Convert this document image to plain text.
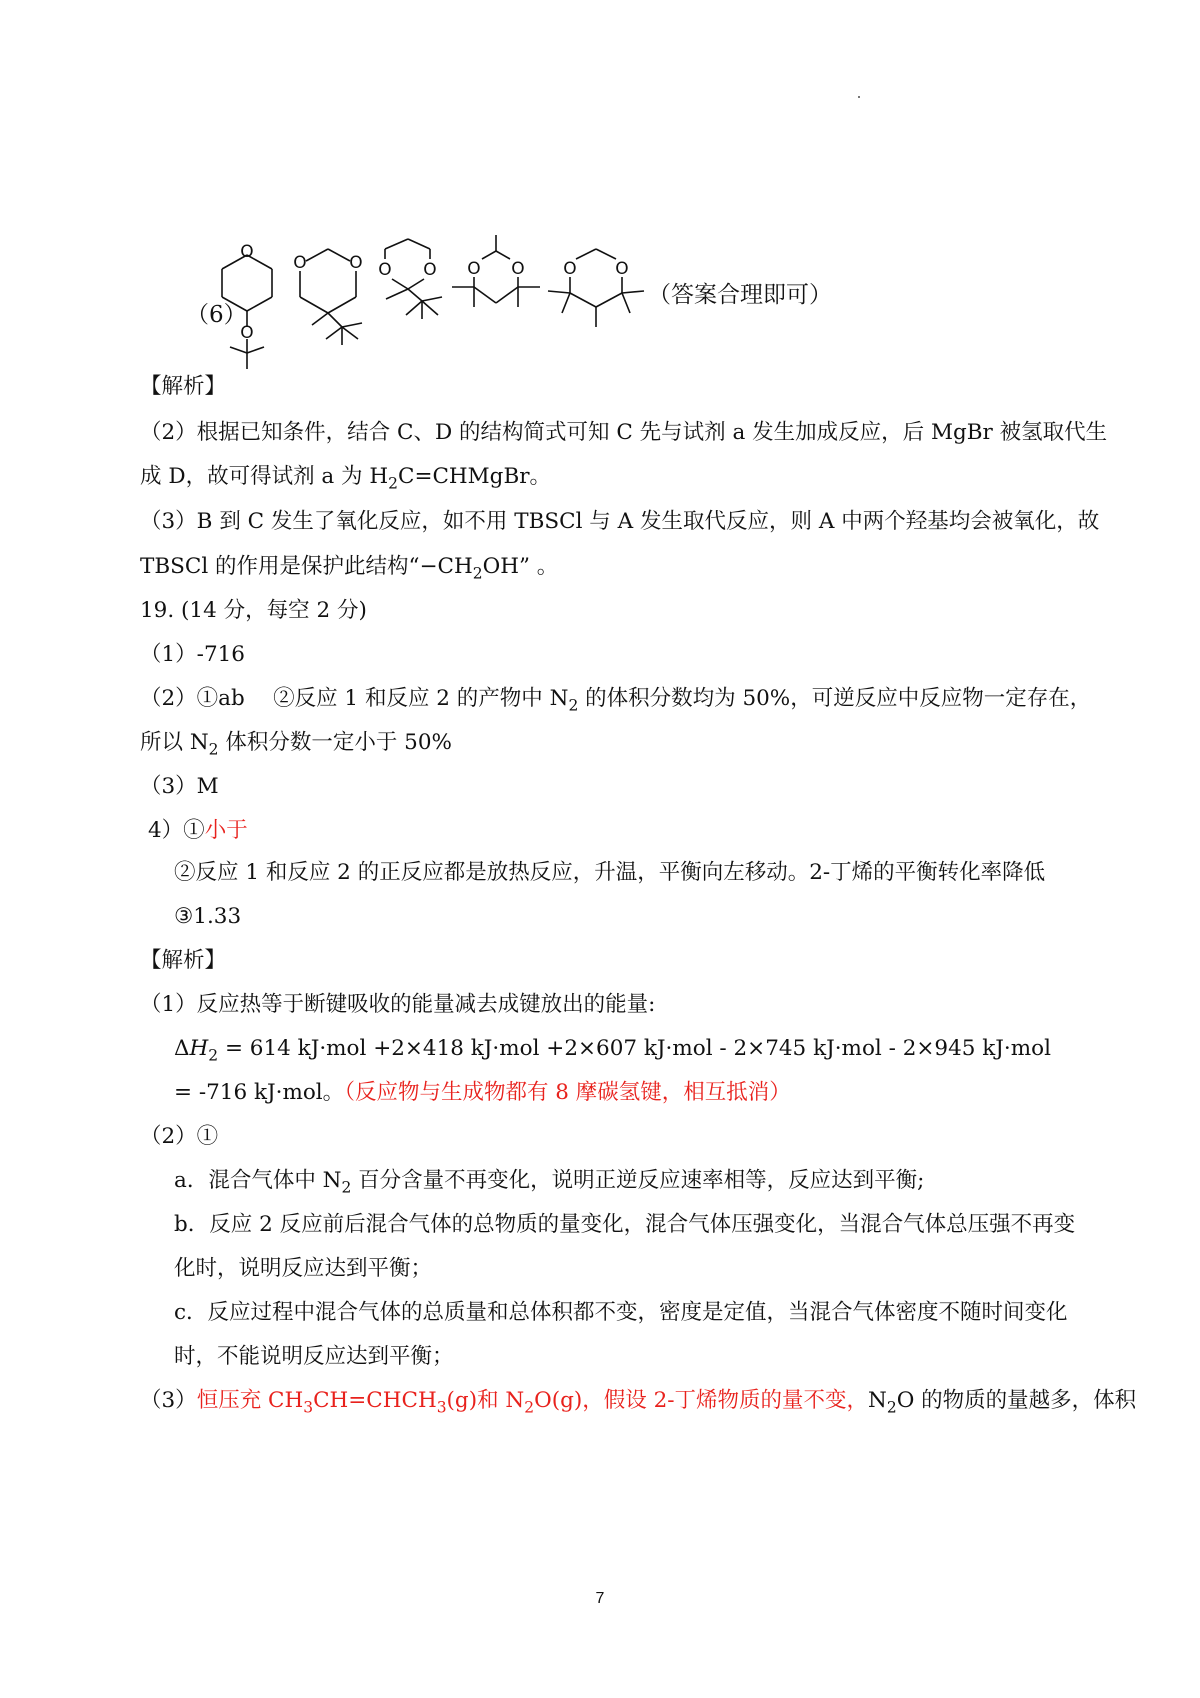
（6）
O
O
O	O O O O O O O
（答案合理即可）
【解析】
（2）根据已知条件，结合 C、D 的结构简式可知 C 先与试剂 a 发生加成反应，后 MgBr 被氢取代生
成 D，故可得试剂 a 为 $H_2C=CHMgBr$。
（3）B 到 C 发生了氧化反应，如不用 TBSCl 与 A 发生取代反应，则 A 中两个羟基均会被氧化，故
TBSCl 的作用是保护此结构“$-CH_2OH$” 。
19. (14 分，每空 2 分)
（1）-716
（2）①ab　 ②反应 1 和反应 2 的产物中 $N_2$ 的体积分数均为 50%，可逆反应中反应物一定存在，
所以 $N_2$ 体积分数一定小于 50%
（3）M
4）①小于
②反应 1 和反应 2 的正反应都是放热反应，升温，平衡向左移动。2-丁烯的平衡转化率降低
③1.33
【解析】
（1）反应热等于断键吸收的能量减去成键放出的能量:
$\Delta H_2 = 614$ kJ·mol +2×418 kJ·mol +2×607 kJ·mol - 2×745 kJ·mol - 2×945 kJ·mol
= -716 kJ·mol。（反应物与生成物都有 8 摩碳氢键，相互抵消）
（2）①
a．混合气体中 $N_2$ 百分含量不再变化，说明正逆反应速率相等，反应达到平衡;
b．反应 2 反应前后混合气体的总物质的量变化，混合气体压强变化，当混合气体总压强不再变
化时，说明反应达到平衡；
c．反应过程中混合气体的总质量和总体积都不变，密度是定值，当混合气体密度不随时间变化
时，不能说明反应达到平衡；
（3）恒压充 $CH_3CH=CHCH_3(g)$和 $N_2O(g)$，假设 2-丁烯物质的量不变，$N_2O$ 的物质的量越多，体积
7
